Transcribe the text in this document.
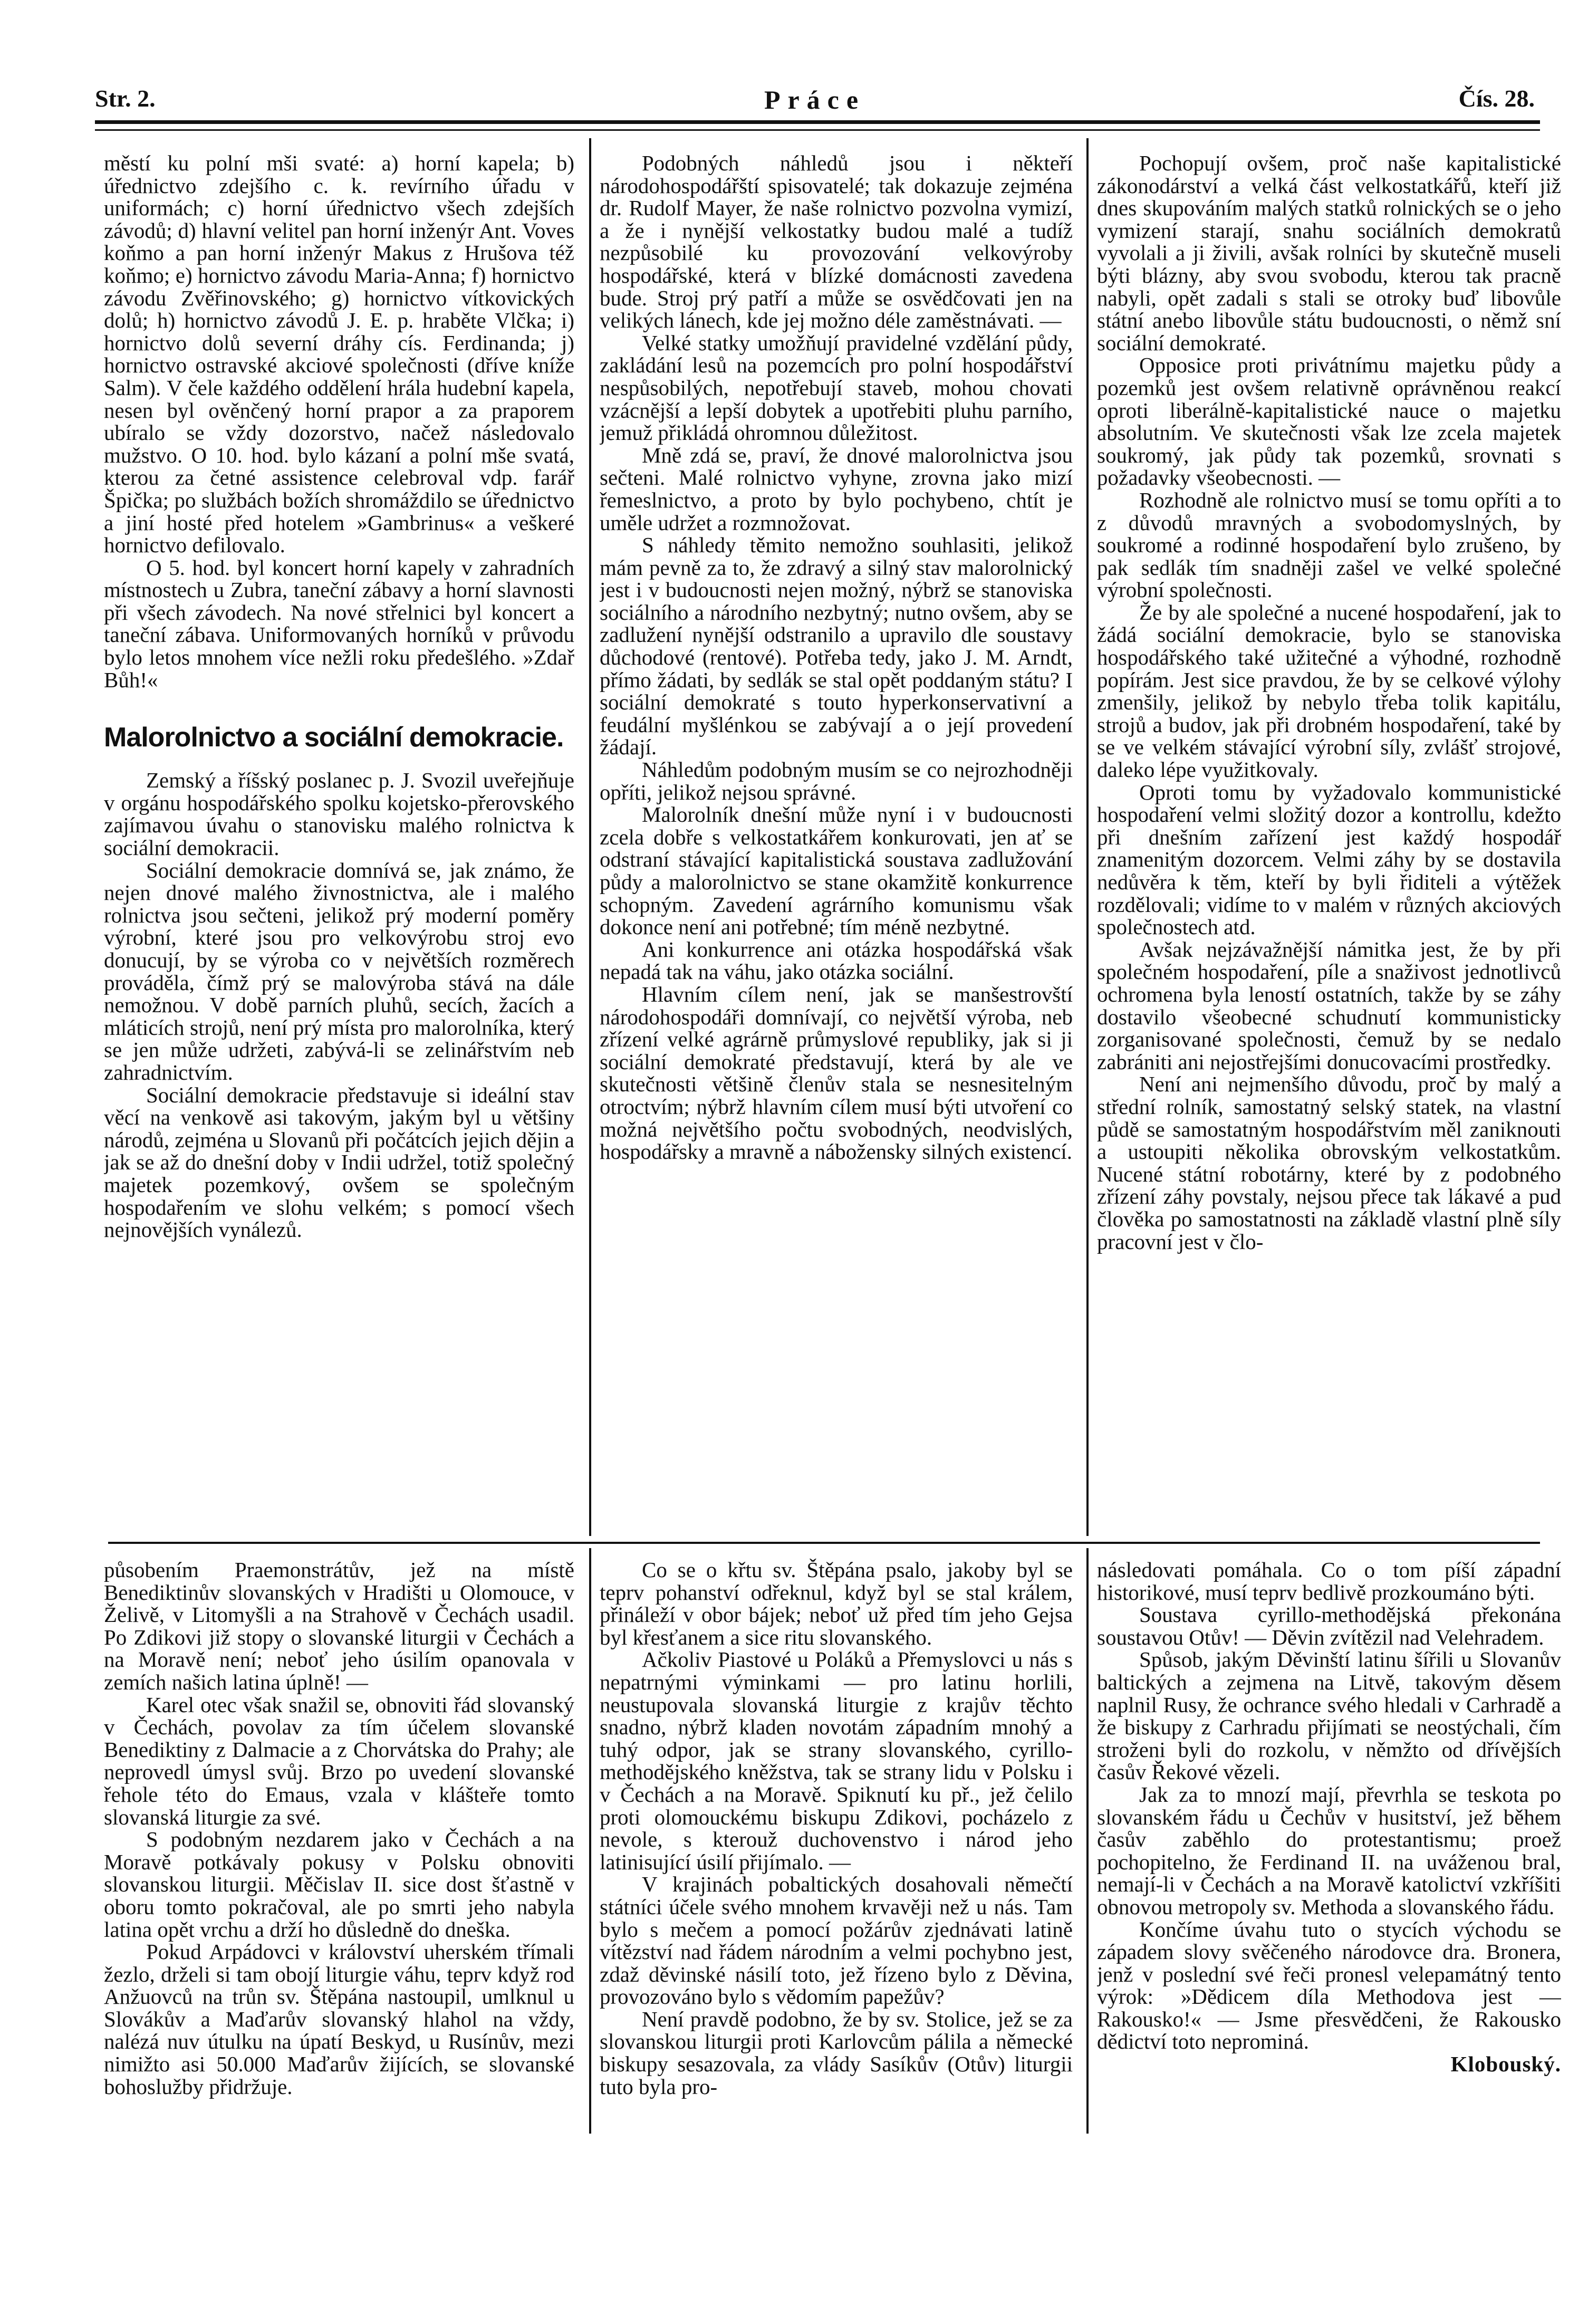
Str. 2.	Práce	Čís. 28.

městí ku polní mši svaté: a) horní kapela; b) úřednictvo zdejšího c. k. revírního úřadu v uniformách; c) horní úřednictvo všech zdejších závodů; d) hlavní velitel pan horní inženýr Ant. Voves koňmo a pan horní inženýr Makus z Hrušova též koňmo; e) hornictvo závodu Maria-Anna; f) hornictvo závodu Zvěřinovského; g) hornictvo vítkovických dolů; h) hornictvo závodů J. E. p. hraběte Vlčka; i) hornictvo dolů severní dráhy cís. Ferdinanda; j) hornictvo ostravské akciové společnosti (dříve kníže Salm). V čele každého oddělení hrála hudební kapela, nesen byl ověnčený horní prapor a za praporem ubíralo se vždy dozorstvo, načež následovalo mužstvo. O 10. hod. bylo kázaní a polní mše svatá, kterou za četné assistence celebroval vdp. farář Špička; po službách božích shromáždilo se úřednictvo a jiní hosté před hotelem »Gambrinus« a veškeré hornictvo defilovalo.

O 5. hod. byl koncert horní kapely v zahradních místnostech u Zubra, taneční zábavy a horní slavnosti při všech závodech. Na nové střelnici byl koncert a taneční zábava. Uniformovaných horníků v průvodu bylo letos mnohem více nežli roku předešlého. »Zdař Bůh!«

Malorolnictvo a sociální demokracie.

Zemský a říšský poslanec p. J. Svozil uveřejňuje v orgánu hospodářského spolku kojetsko-přerovského zajímavou úvahu o stanovisku malého rolnictva k sociální demokracii.

Sociální demokracie domnívá se, jak známo, že nejen dnové malého živnostnictva, ale i malého rolnictva jsou sečteni, jelikož prý moderní poměry výrobní, které jsou pro velkovýrobu stroj evo donucují, by se výroba co v největších rozměrech prováděla, čímž prý se malovýroba stává na dále nemožnou. V době parních pluhů, secích, žacích a mláticích strojů, není prý místa pro malorolníka, který se jen může udržeti, zabývá-li se zelinářstvím neb zahradnictvím.

Sociální demokracie představuje si ideální stav věcí na venkově asi takovým, jakým byl u většiny národů, zejména u Slovanů při počátcích jejich dějin a jak se až do dnešní doby v Indii udržel, totiž společný majetek pozemkový, ovšem se společným hospodařením ve slohu velkém; s pomocí všech nejnovějších vynálezů.

Podobných náhledů jsou i někteří národohospodářští spisovatelé; tak dokazuje zejména dr. Rudolf Mayer, že naše rolnictvo pozvolna vymizí, a že i nynější velkostatky budou malé a tudíž nezpůsobilé ku provozování velkovýroby hospodářské, která v blízké domácnosti zavedena bude. Stroj prý patří a může se osvědčovati jen na velikých lánech, kde jej možno déle zaměstnávati. —

Velké statky umožňují pravidelné vzdělání půdy, zakládání lesů na pozemcích pro polní hospodářství nespůsobilých, nepotřebují staveb, mohou chovati vzácnější a lepší dobytek a upotřebiti pluhu parního, jemuž přikládá ohromnou důležitost.

Mně zdá se, praví, že dnové malorolnictva jsou sečteni. Malé rolnictvo vyhyne, zrovna jako mizí řemeslnictvo, a proto by bylo pochybeno, chtít je uměle udržet a rozmnožovat.

S náhledy těmito nemožno souhlasiti, jelikož mám pevně za to, že zdravý a silný stav malorolnický jest i v budoucnosti nejen možný, nýbrž se stanoviska sociálního a národního nezbytný; nutno ovšem, aby se zadlužení nynější odstranilo a upravilo dle soustavy důchodové (rentové). Potřeba tedy, jako J. M. Arndt, přímo žádati, by sedlák se stal opět poddaným státu? I sociální demokraté s touto hyperkonservativní a feudální myšlénkou se zabývají a o její provedení žádají.

Náhledům podobným musím se co nejrozhodněji opříti, jelikož nejsou správné.

Malorolník dnešní může nyní i v budoucnosti zcela dobře s velkostatkářem konkurovati, jen ať se odstraní stávající kapitalistická soustava zadlužování půdy a malorolnictvo se stane okamžitě konkurrence schopným. Zavedení agrárního komunismu však dokonce není ani potřebné; tím méně nezbytné.

Ani konkurrence ani otázka hospodářská však nepadá tak na váhu, jako otázka sociální.

Hlavním cílem není, jak se manšestrovští národohospodáři domnívají, co největší výroba, neb zřízení velké agrárně průmyslové republiky, jak si ji sociální demokraté představují, která by ale ve skutečnosti většině členův stala se nesnesitelným otroctvím; nýbrž hlavním cílem musí býti utvoření co možná největšího počtu svobodných, neodvislých, hospodářsky a mravně a nábožensky silných existencí.

Pochopují ovšem, proč naše kapitalistické zákonodárství a velká část velkostatkářů, kteří již dnes skupováním malých statků rolnických se o jeho vymizení starají, snahu sociálních demokratů vyvolali a ji živili, avšak rolníci by skutečně museli býti blázny, aby svou svobodu, kterou tak pracně nabyli, opět zadali s stali se otroky buď libovůle státní anebo libovůle státu budoucnosti, o němž sní sociální demokraté.

Opposice proti privátnímu majetku půdy a pozemků jest ovšem relativně oprávněnou reakcí oproti liberálně-kapitalistické nauce o majetku absolutním. Ve skutečnosti však lze zcela majetek soukromý, jak půdy tak pozemků, srovnati s požadavky všeobecnosti. —

Rozhodně ale rolnictvo musí se tomu opříti a to z důvodů mravných a svobodomyslných, by soukromé a rodinné hospodaření bylo zrušeno, by pak sedlák tím snadněji zašel ve velké společné výrobní společnosti.

Že by ale společné a nucené hospodaření, jak to žádá sociální demokracie, bylo se stanoviska hospodářského také užitečné a výhodné, rozhodně popírám. Jest sice pravdou, že by se celkové výlohy zmenšily, jelikož by nebylo třeba tolik kapitálu, strojů a budov, jak při drobném hospodaření, také by se ve velkém stávající výrobní síly, zvlášť strojové, daleko lépe využitkovaly.

Oproti tomu by vyžadovalo kommunistické hospodaření velmi složitý dozor a kontrollu, kdežto při dnešním zařízení jest každý hospodář znamenitým dozorcem. Velmi záhy by se dostavila nedůvěra k těm, kteří by byli řiditeli a výtěžek rozdělovali; vidíme to v malém v různých akciových společnostech atd.

Avšak nejzávažnější námitka jest, že by při společném hospodaření, píle a snaživost jednotlivců ochromena byla leností ostatních, takže by se záhy dostavilo všeobecné schudnutí kommunisticky zorganisované společnosti, čemuž by se nedalo zabrániti ani nejostřejšími donucovacími prostředky.

Není ani nejmenšího důvodu, proč by malý a střední rolník, samostatný selský statek, na vlastní půdě se samostatným hospodářstvím měl zaniknouti a ustoupiti několika obrovským velkostatkům. Nucené státní robotárny, které by z podobného zřízení záhy povstaly, nejsou přece tak lákavé a pud člověka po samostatnosti na základě vlastní plně síly pracovní jest v člo-

působením Praemonstrátův, jež na místě Benediktinův slovanských v Hradišti u Olomouce, v Želivě, v Litomyšli a na Strahově v Čechách usadil. Po Zdikovi již stopy o slovanské liturgii v Čechách a na Moravě není; neboť jeho úsilím opanovala v zemích našich latina úplně! —

Karel otec však snažil se, obnoviti řád slovanský v Čechách, povolav za tím účelem slovanské Benediktiny z Dalmacie a z Chorvátska do Prahy; ale neprovedl úmysl svůj. Brzo po uvedení slovanské řehole této do Emaus, vzala v klášteře tomto slovanská liturgie za své.

S podobným nezdarem jako v Čechách a na Moravě potkávaly pokusy v Polsku obnoviti slovanskou liturgii. Měčislav II. sice dost šťastně v oboru tomto pokračoval, ale po smrti jeho nabyla latina opět vrchu a drží ho důsledně do dneška.

Pokud Arpádovci v království uherském třímali žezlo, drželi si tam obojí liturgie váhu, teprv když rod Anžuovců na trůn sv. Štěpána nastoupil, umlknul u Slovákův a Maďarův slovanský hlahol na vždy, nalézá nuv útulku na úpatí Beskyd, u Rusínův, mezi nimižto asi 50.000 Maďarův žijících, se slovanské bohoslužby přidržuje.

Co se o křtu sv. Štěpána psalo, jakoby byl se teprv pohanství odřeknul, když byl se stal králem, přináleží v obor bájek; neboť už před tím jeho Gejsa byl křesťanem a sice ritu slovanského.

Ačkoliv Piastové u Poláků a Přemyslovci u nás s nepatrnými výminkami — pro latinu horlili, neustupovala slovanská liturgie z krajův těchto snadno, nýbrž kladen novotám západním mnohý a tuhý odpor, jak se strany slovanského, cyrillo-methodějského kněžstva, tak se strany lidu v Polsku i v Čechách a na Moravě. Spiknutí ku př., jež čelilo proti olomouckému biskupu Zdikovi, pocházelo z nevole, s kterouž duchovenstvo i národ jeho latinisující úsilí přijímalo. —

V krajinách pobaltických dosahovali němečtí státníci účele svého mnohem krvavěji než u nás. Tam bylo s mečem a pomocí požárův zjednávati latině vítězství nad řádem národním a velmi pochybno jest, zdaž děvinské násilí toto, jež řízeno bylo z Děvina, provozováno bylo s vědomím papežův?

Není pravdě podobno, že by sv. Stolice, jež se za slovanskou liturgii proti Karlovcům pálila a německé biskupy sesazovala, za vlády Sasíkův (Otův) liturgii tuto byla pro-

následovati pomáhala. Co o tom píší západní historikové, musí teprv bedlivě prozkoumáno býti.

Soustava cyrillo-methodějská překonána soustavou Otův! — Děvin zvítězil nad Velehradem.

Spůsob, jakým Děvinští latinu šířili u Slovanův baltických a zejmena na Litvě, takovým děsem naplnil Rusy, že ochrance svého hledali v Carhradě a že biskupy z Carhradu přijímati se neostýchali, čím stroženi byli do rozkolu, v němžto od dřívějších časův Řekové vězeli.

Jak za to mnozí mají, převrhla se teskota po slovanském řádu u Čechův v husitství, jež během časův zaběhlo do protestantismu; proež pochopitelno, že Ferdinand II. na uváženou bral, nemají-li v Čechách a na Moravě katolictví vzkříšiti obnovou metropoly sv. Methoda a slovanského řádu.

Končíme úvahu tuto o stycích východu se západem slovy svěčeného národovce dra. Bronera, jenž v poslední své řeči pronesl velepamátný tento výrok: »Dědicem díla Methodova jest — Rakousko!« — Jsme přesvědčeni, že Rakousko dědictví toto neprominá.

Klobouský.
